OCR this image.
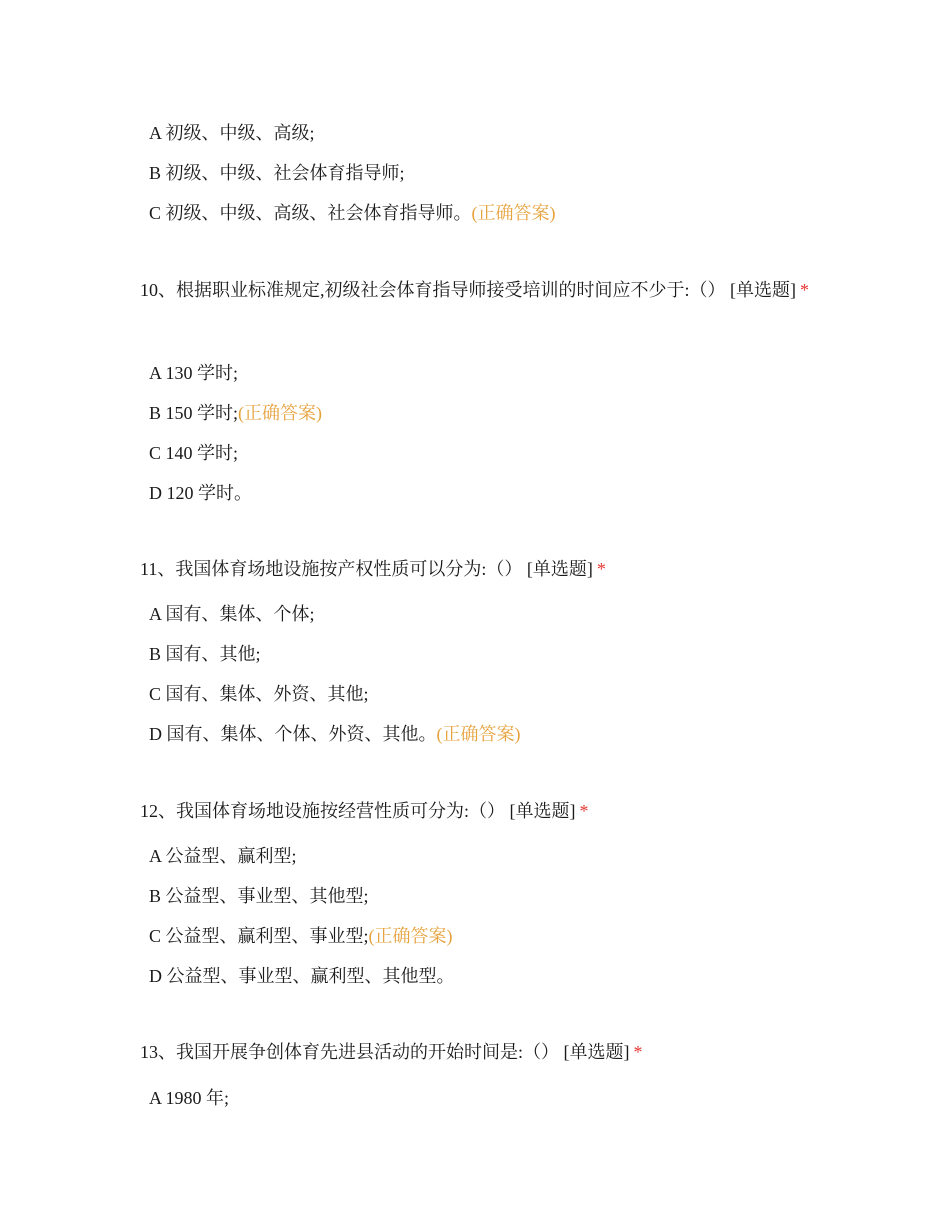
A 初级、中级、高级;
B 初级、中级、社会体育指导师;
C 初级、中级、高级、社会体育指导师。(正确答案)
10、根据职业标准规定,初级社会体育指导师接受培训的时间应不少于:（） [单选题] *
A 130 学时;
B 150 学时;(正确答案)
C 140 学时;
D 120 学时。
11、我国体育场地设施按产权性质可以分为:（） [单选题] *
A 国有、集体、个体;
B 国有、其他;
C 国有、集体、外资、其他;
D 国有、集体、个体、外资、其他。(正确答案)
12、我国体育场地设施按经营性质可分为:（） [单选题] *
A 公益型、赢利型;
B 公益型、事业型、其他型;
C 公益型、赢利型、事业型;(正确答案)
D 公益型、事业型、赢利型、其他型。
13、我国开展争创体育先进县活动的开始时间是:（） [单选题] *
A 1980 年;
